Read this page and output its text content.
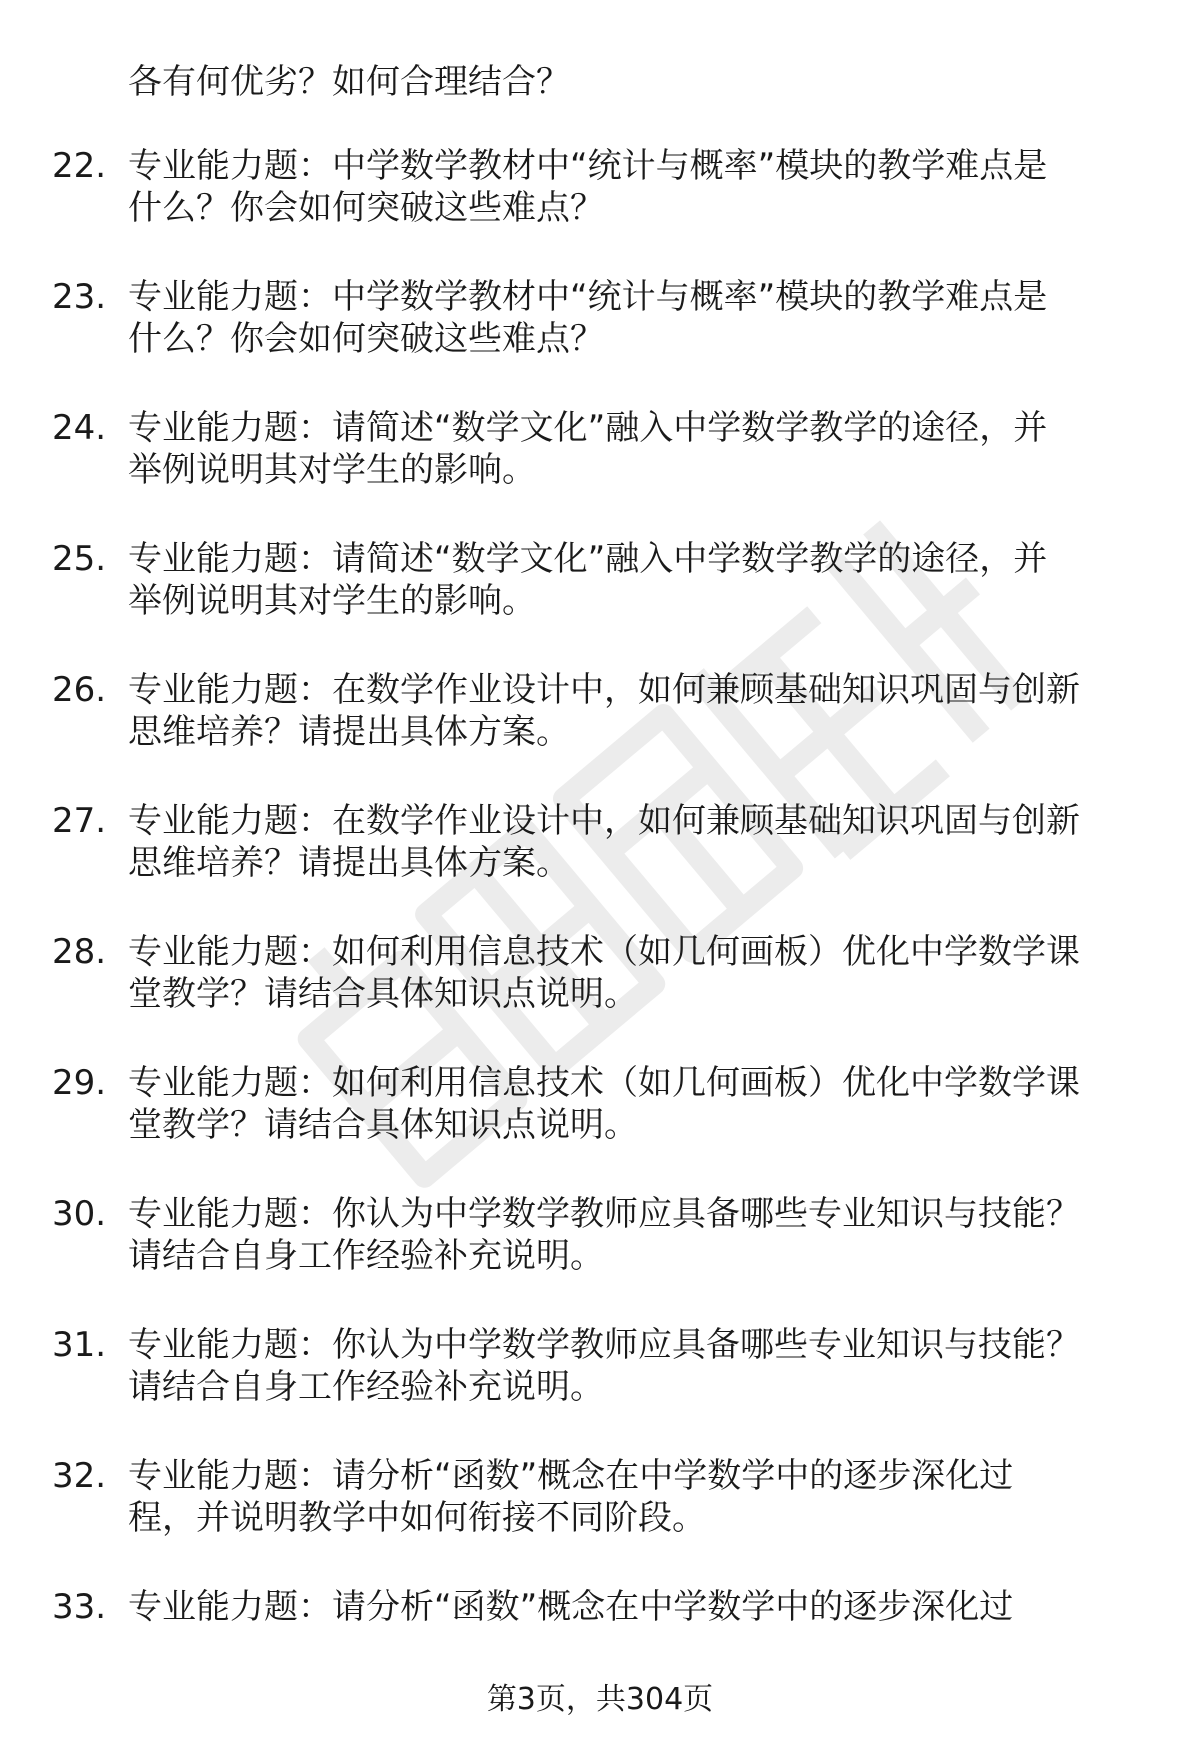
各有何优劣？如何合理结合？
22. 专业能力题：中学数学教材中“统计与概率”模块的教学难点是
什么？你会如何突破这些难点？
23. 专业能力题：中学数学教材中“统计与概率”模块的教学难点是
什么？你会如何突破这些难点？
24. 专业能力题：请简述“数学文化”融入中学数学教学的途径，并
举例说明其对学生的影响。
25. 专业能力题：请简述“数学文化”融入中学数学教学的途径，并
举例说明其对学生的影响。
26. 专业能力题：在数学作业设计中，如何兼顾基础知识巩固与创新
思维培养？请提出具体方案。
27. 专业能力题：在数学作业设计中，如何兼顾基础知识巩固与创新
思维培养？请提出具体方案。
28. 专业能力题：如何利用信息技术（如几何画板）优化中学数学课
堂教学？请结合具体知识点说明。
29. 专业能力题：如何利用信息技术（如几何画板）优化中学数学课
堂教学？请结合具体知识点说明。
30. 专业能力题：你认为中学数学教师应具备哪些专业知识与技能？
请结合自身工作经验补充说明。
31. 专业能力题：你认为中学数学教师应具备哪些专业知识与技能？
请结合自身工作经验补充说明。
32. 专业能力题：请分析“函数”概念在中学数学中的逐步深化过
程，并说明教学中如何衔接不同阶段。
33. 专业能力题：请分析“函数”概念在中学数学中的逐步深化过
第3页，共304页
